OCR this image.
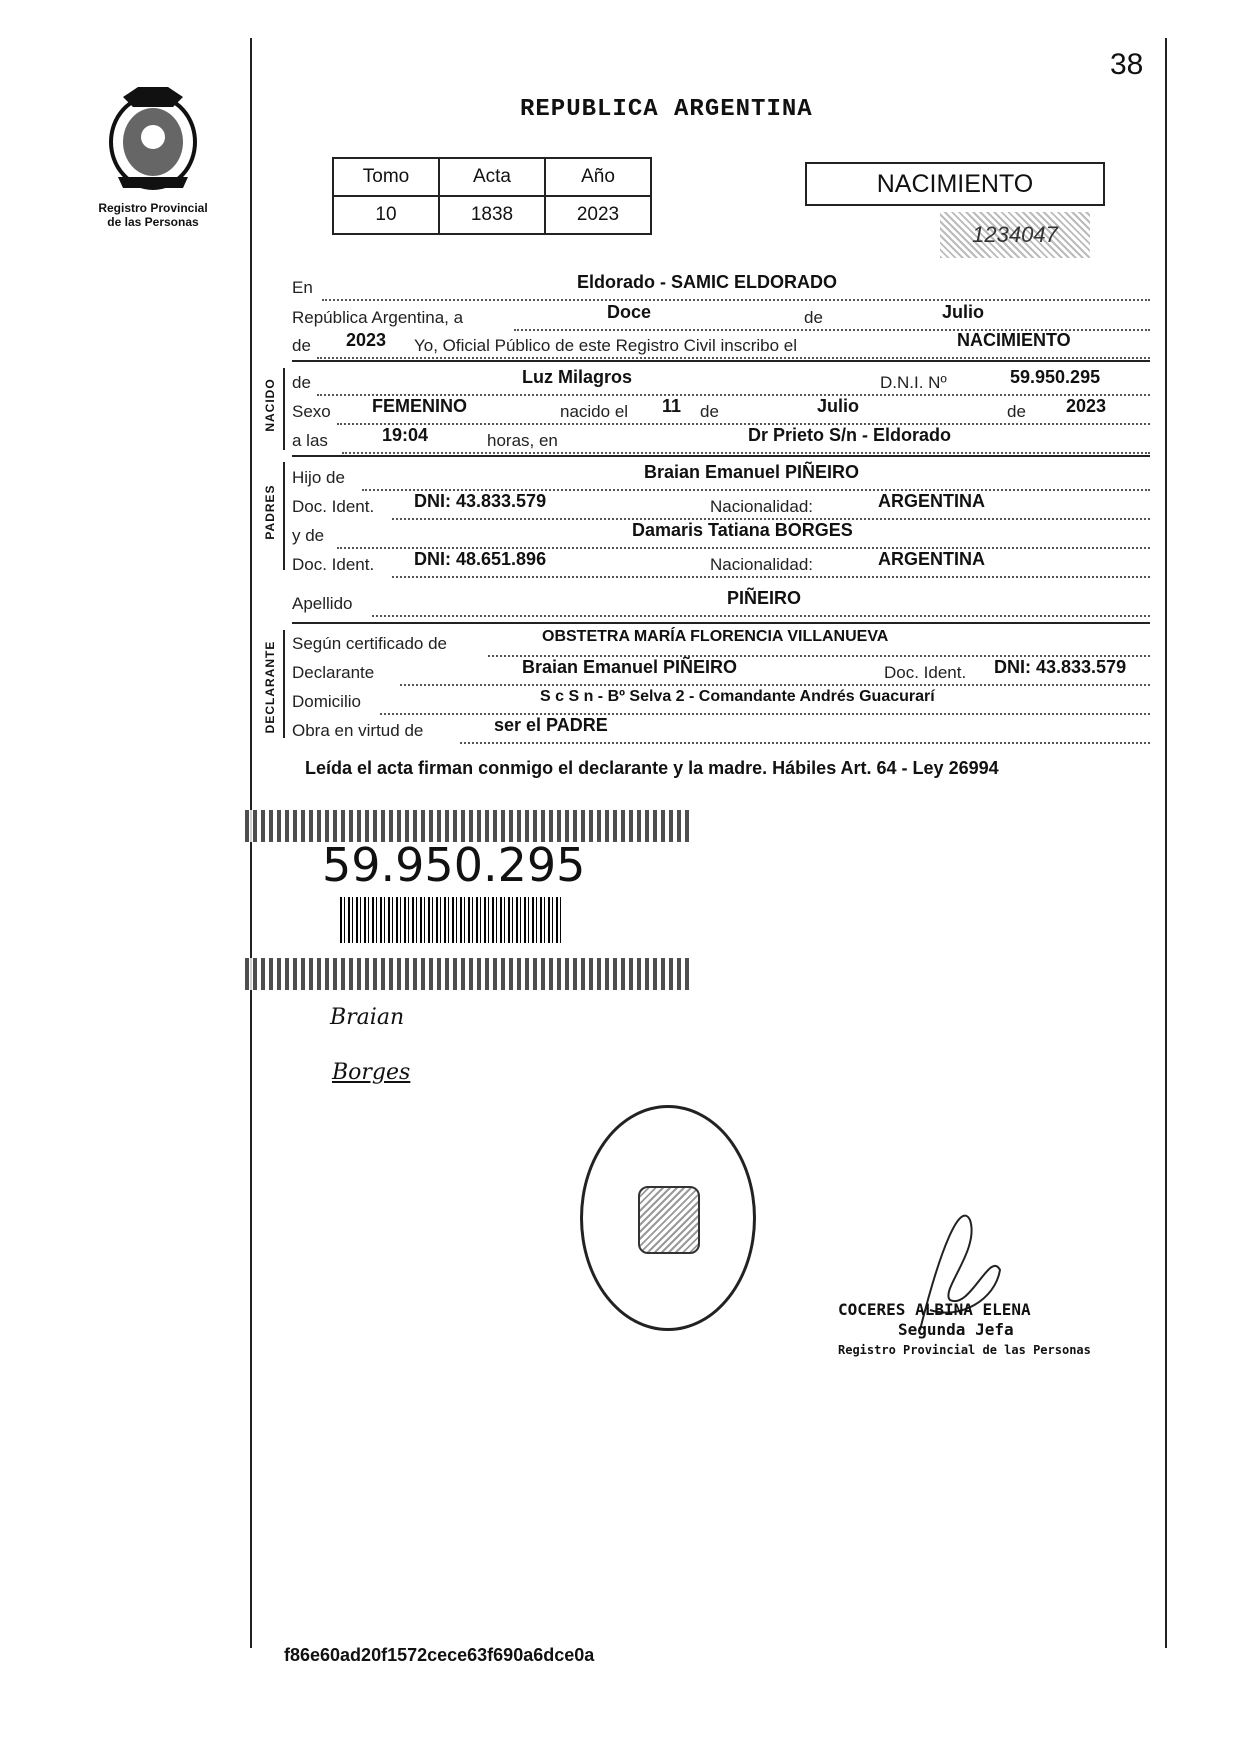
38
Registro Provincial
de las Personas
REPUBLICA ARGENTINA
Tomo	Acta	Año
10	1838	2023
NACIMIENTO
1234047
En	Eldorado - SAMIC ELDORADO
República Argentina, a	Doce	de	Julio
de 2023 Yo, Oficial Público de este Registro Civil inscribo el	NACIMIENTO
NACIDO de	Luz Milagros	D.N.I. Nº	59.950.295
Sexo FEMENINO	nacido el 11 de	Julio	de 2023
a las	19:04	horas, en	Dr Prieto S/n - Eldorado
PADRES
Hijo de	Braian Emanuel PIÑEIRO
Doc. Ident. DNI: 43.833.579	Nacionalidad:	ARGENTINA
y de	Damaris Tatiana BORGES
Doc. Ident. DNI: 48.651.896	Nacionalidad:	ARGENTINA
Apellido	PIÑEIRO
DECLARANTE Según certificado de	OBSTETRA MARÍA FLORENCIA VILLANUEVA
Declarante	Braian Emanuel PIÑEIRO	Doc. Ident. DNI: 43.833.579
Domicilio	S c S n - Bº Selva 2 - Comandante Andrés Guacurarí
Obra en virtud de	ser el PADRE
Leída el acta firman conmigo el declarante y la madre. Hábiles Art. 64 - Ley 26994
59.950.295
Braian
Borges
COCERES ALBINA ELENA
Segunda Jefa
Registro Provincial de las Personas
f86e60ad20f1572cece63f690a6dce0a
